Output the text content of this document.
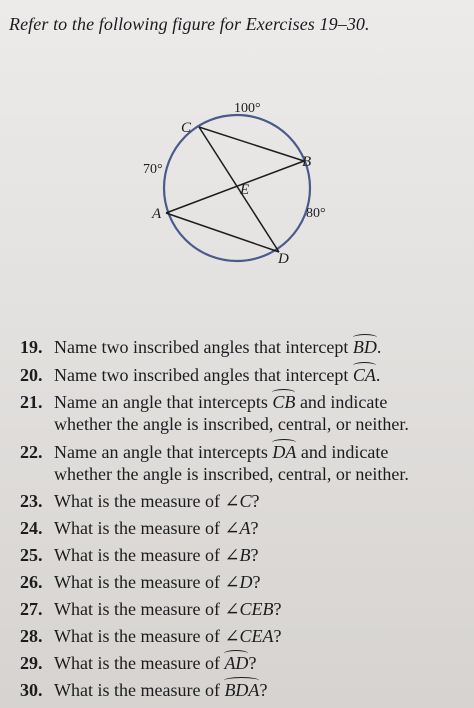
Refer to the following figure for Exercises 19–30.
C
B
A
D
E
100°
70°
80°
19. Name two inscribed angles that intercept BD.
20. Name two inscribed angles that intercept CA.
21. Name an angle that intercepts CB and indicate
whether the angle is inscribed, central, or neither.
22. Name an angle that intercepts DA and indicate
whether the angle is inscribed, central, or neither.
23. What is the measure of ∠C?
24. What is the measure of ∠A?
25. What is the measure of ∠B?
26. What is the measure of ∠D?
27. What is the measure of ∠CEB?
28. What is the measure of ∠CEA?
29. What is the measure of AD?
30. What is the measure of BDA?
